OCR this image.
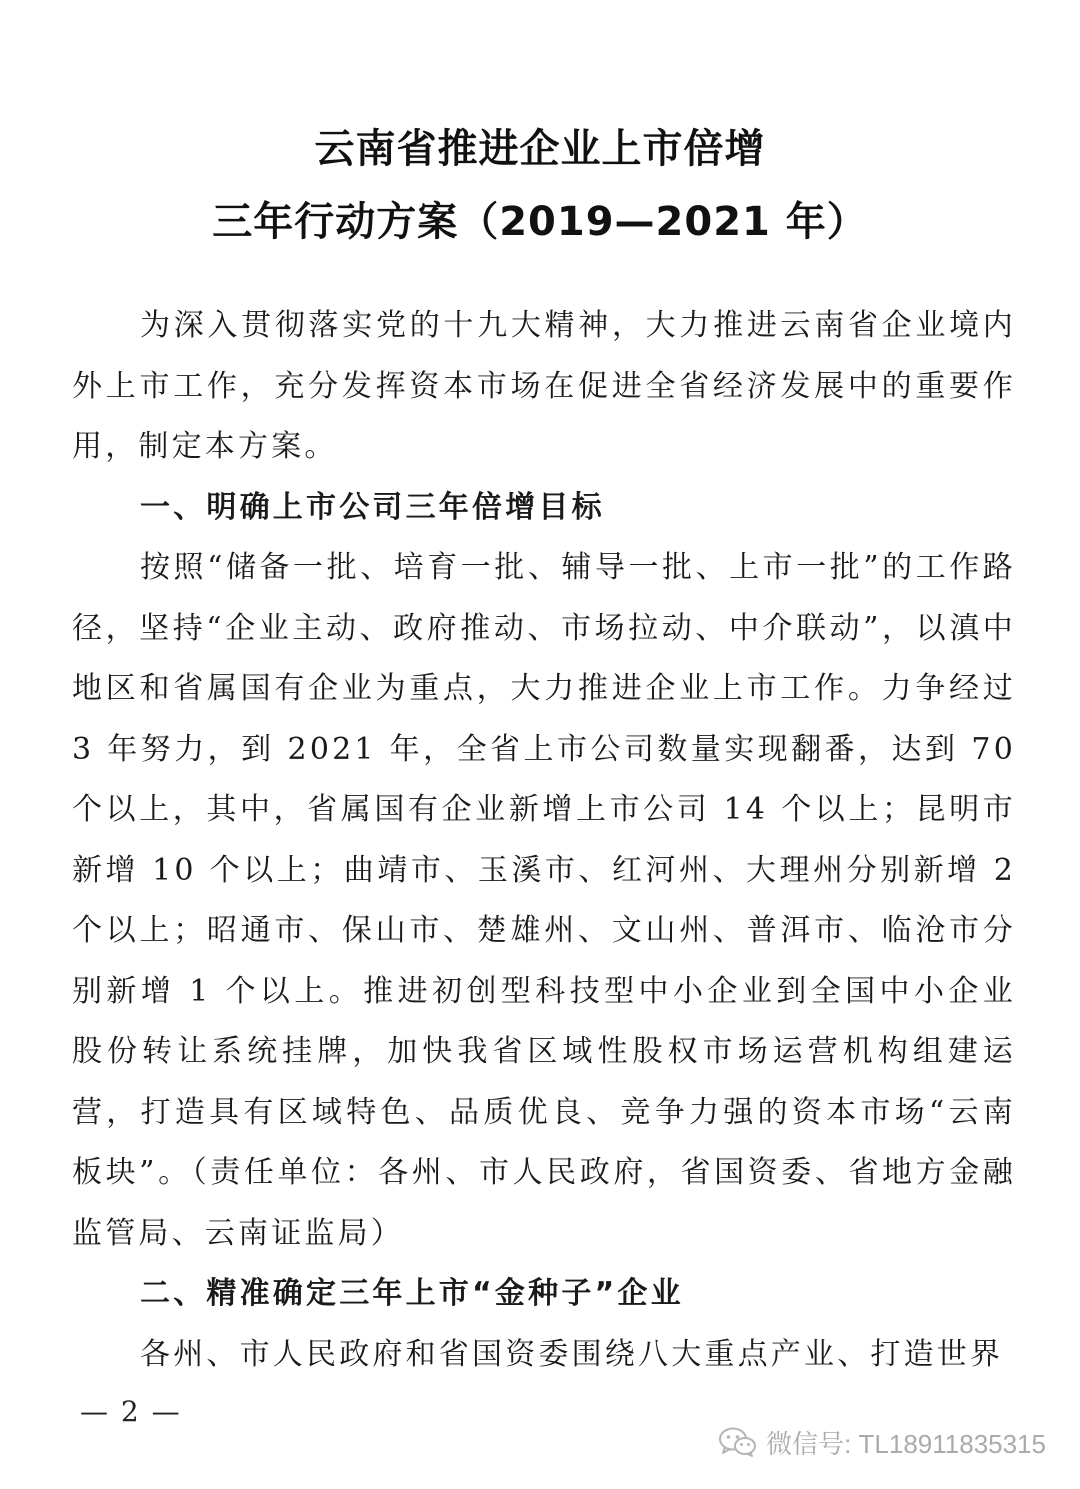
云南省推进企业上市倍增
三年行动方案（2019—2021 年）

为深入贯彻落实党的十九大精神，大力推进云南省企业境内外上市工作，充分发挥资本市场在促进全省经济发展中的重要作用，制定本方案。

一、明确上市公司三年倍增目标

按照“储备一批、培育一批、辅导一批、上市一批”的工作路径，坚持“企业主动、政府推动、市场拉动、中介联动”，以滇中地区和省属国有企业为重点，大力推进企业上市工作。力争经过 3 年努力，到 2021 年，全省上市公司数量实现翻番，达到 70 个以上，其中，省属国有企业新增上市公司 14 个以上；昆明市新增 10 个以上；曲靖市、玉溪市、红河州、大理州分别新增 2 个以上；昭通市、保山市、楚雄州、文山州、普洱市、临沧市分别新增 1 个以上。推进初创型科技型中小企业到全国中小企业股份转让系统挂牌，加快我省区域性股权市场运营机构组建运营，打造具有区域特色、品质优良、竞争力强的资本市场“云南板块”。（责任单位：各州、市人民政府，省国资委、省地方金融监管局、云南证监局）

二、精准确定三年上市“金种子”企业

各州、市人民政府和省国资委围绕八大重点产业、打造世界

— 2 —
微信号: TL18911835315
